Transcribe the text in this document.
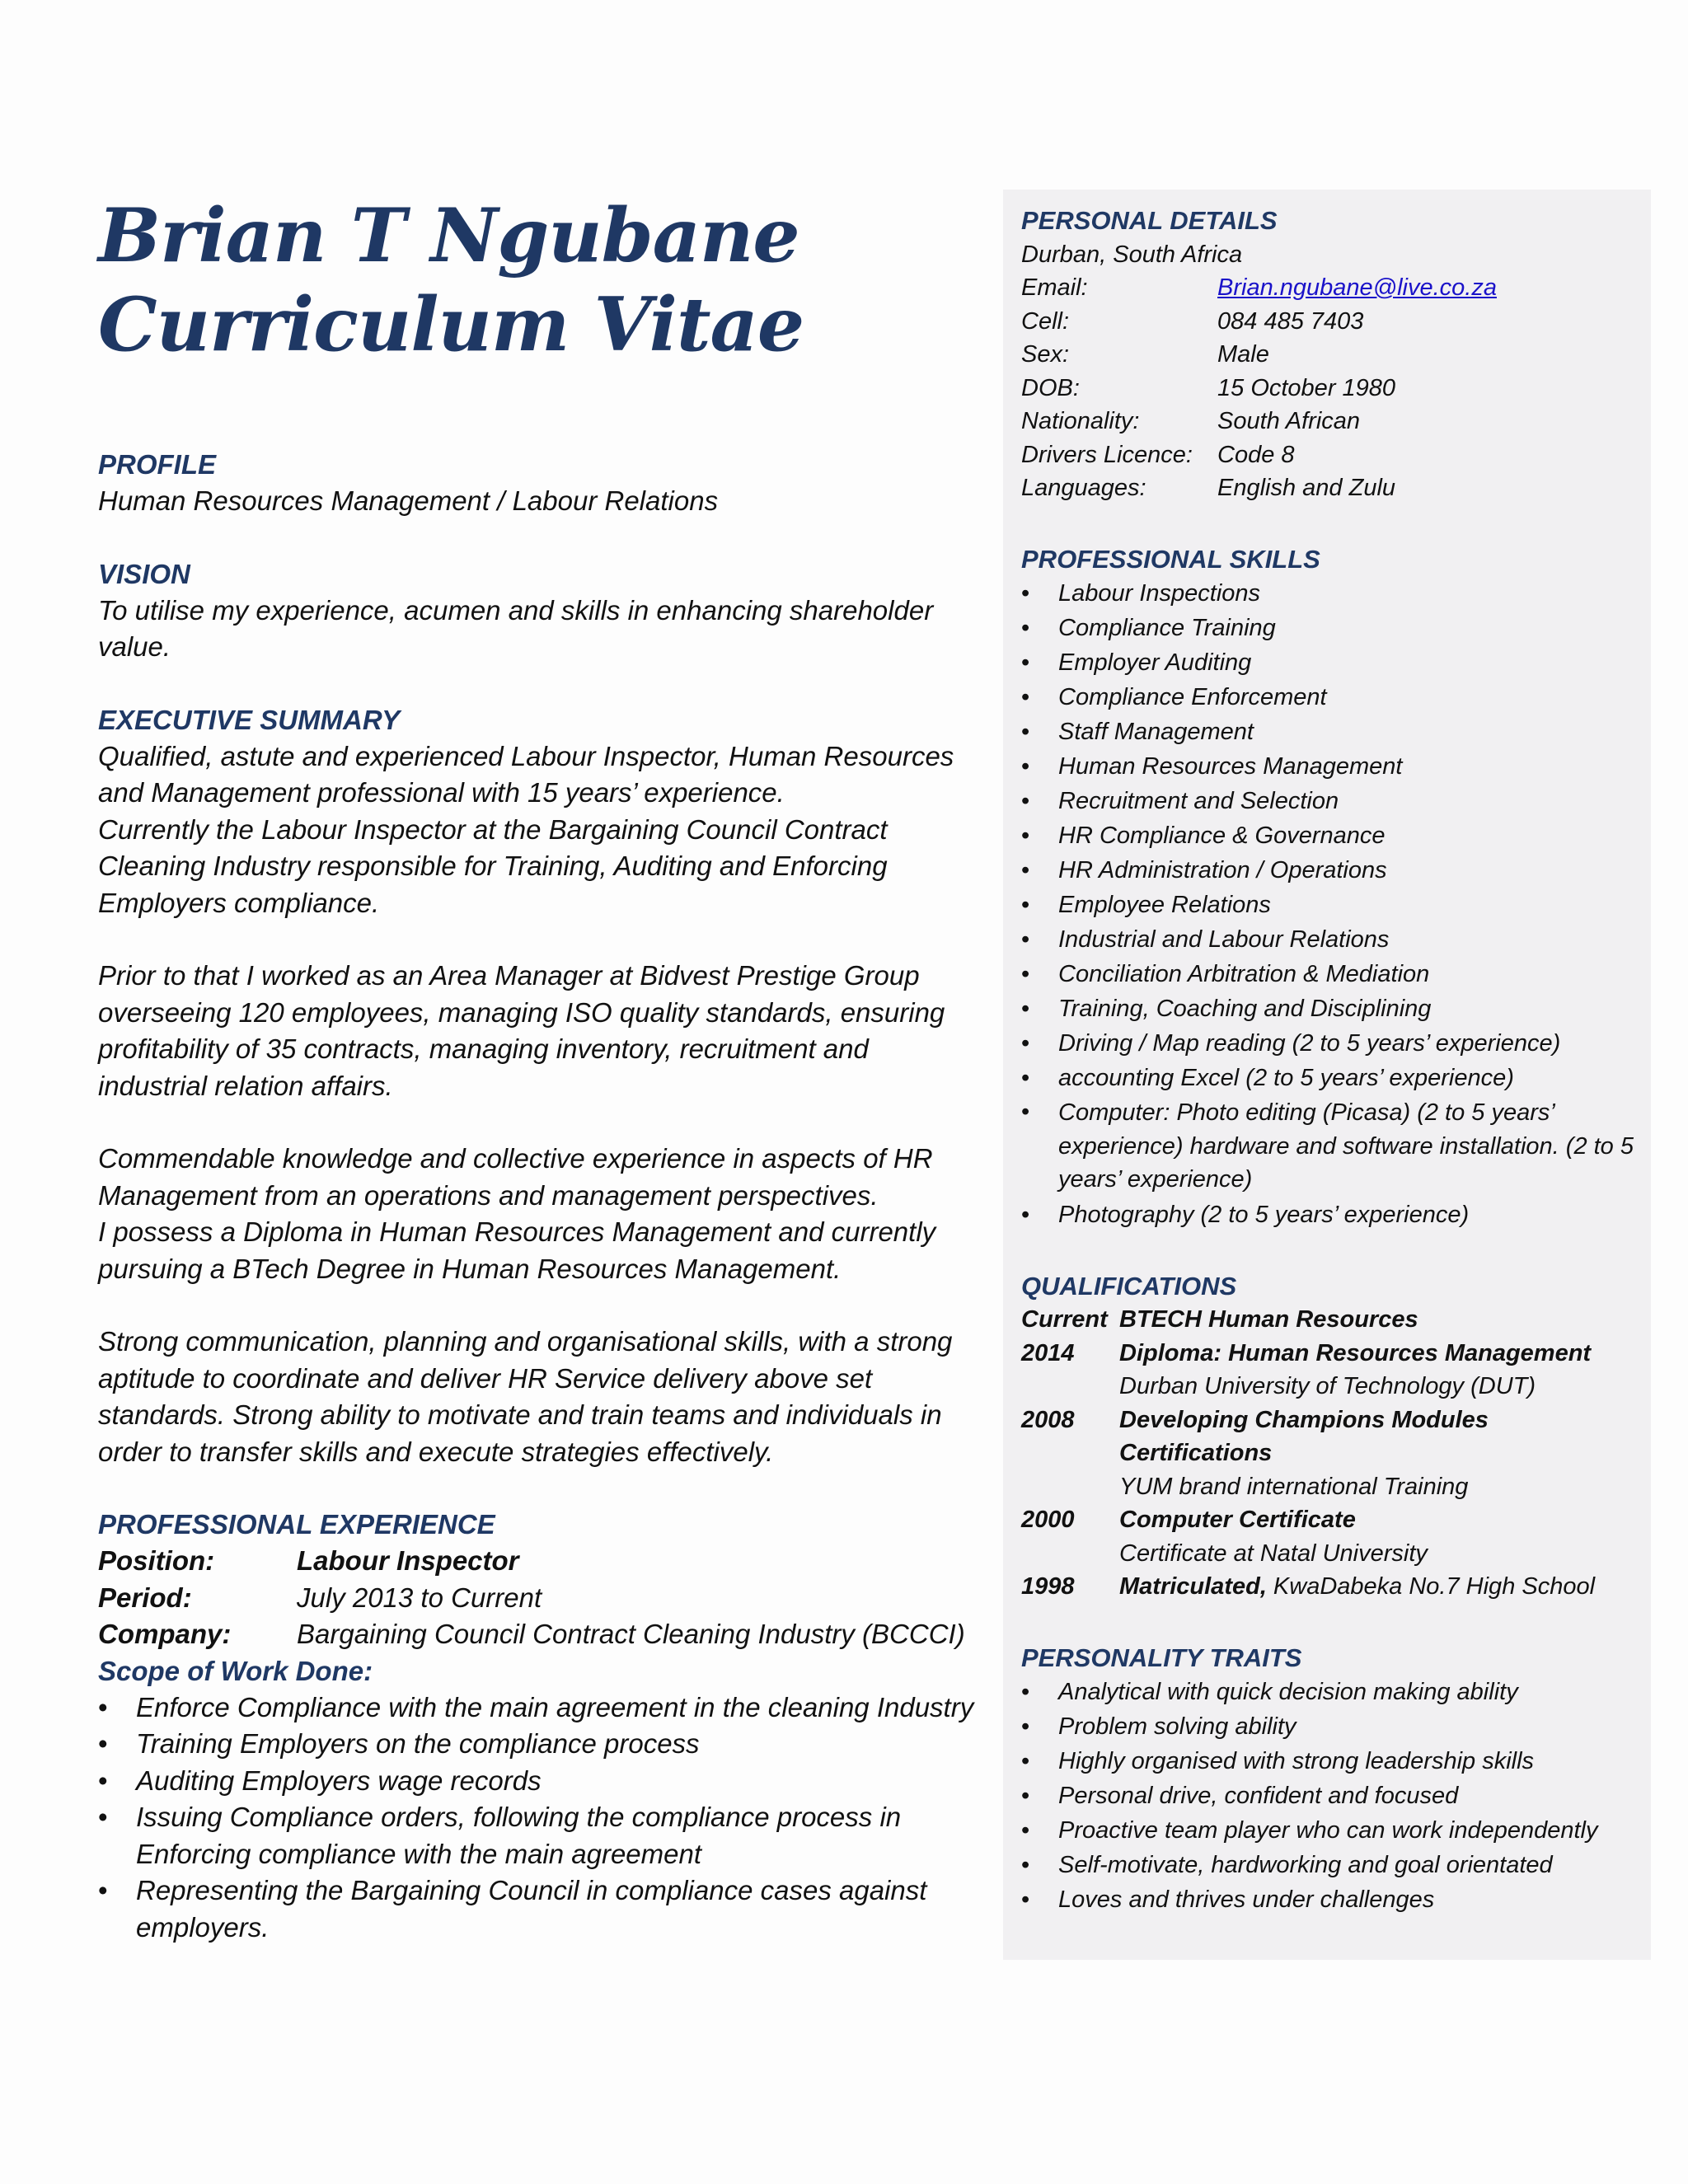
Brian T Ngubane
Curriculum Vitae
PROFILE
Human Resources Management / Labour Relations
VISION
To utilise my experience, acumen and skills in enhancing shareholder
value.
EXECUTIVE SUMMARY
Qualified, astute and experienced Labour Inspector, Human Resources
and Management professional with 15 years’ experience.
Currently the Labour Inspector at the Bargaining Council Contract
Cleaning Industry responsible for Training, Auditing and Enforcing
Employers compliance.
Prior to that I worked as an Area Manager at Bidvest Prestige Group
overseeing 120 employees, managing ISO quality standards, ensuring
profitability of 35 contracts, managing inventory, recruitment and
industrial relation affairs.
Commendable knowledge and collective experience in aspects of HR
Management from an operations and management perspectives.
I possess a Diploma in Human Resources Management and currently
pursuing a BTech Degree in Human Resources Management.
Strong communication, planning and organisational skills, with a strong
aptitude to coordinate and deliver HR Service delivery above set
standards. Strong ability to motivate and train teams and individuals in
order to transfer skills and execute strategies effectively.
PROFESSIONAL EXPERIENCE
Position:	Labour Inspector
Period:	July 2013 to Current
Company:	Bargaining Council Contract Cleaning Industry (BCCCI)
Scope of Work Done:
• Enforce Compliance with the main agreement in the cleaning Industry
• Training Employers on the compliance process
• Auditing Employers wage records
• Issuing Compliance orders, following the compliance process in Enforcing compliance with the main agreement
• Representing the Bargaining Council in compliance cases against employers.
PERSONAL DETAILS
Durban, South Africa
Email:	Brian.ngubane@live.co.za
Cell:	084 485 7403
Sex:	Male
DOB:	15 October 1980
Nationality:	South African
Drivers Licence:	Code 8
Languages:	English and Zulu
PROFESSIONAL SKILLS
• Labour Inspections
• Compliance Training
• Employer Auditing
• Compliance Enforcement
• Staff Management
• Human Resources Management
• Recruitment and Selection
• HR Compliance & Governance
• HR Administration / Operations
• Employee Relations
• Industrial and Labour Relations
• Conciliation Arbitration & Mediation
• Training, Coaching and Disciplining
• Driving / Map reading (2 to 5 years’ experience)
• accounting Excel (2 to 5 years’ experience)
• Computer: Photo editing (Picasa) (2 to 5 years’ experience) hardware and software installation. (2 to 5 years’ experience)
• Photography (2 to 5 years’ experience)
QUALIFICATIONS
Current BTECH Human Resources
2014	Diploma: Human Resources Management
Durban University of Technology (DUT)
2008	Developing Champions Modules
Certifications
YUM brand international Training
2000	Computer Certificate
Certificate at Natal University
1998	Matriculated, KwaDabeka No.7 High School
PERSONALITY TRAITS
• Analytical with quick decision making ability
• Problem solving ability
• Highly organised with strong leadership skills
• Personal drive, confident and focused
• Proactive team player who can work independently
• Self-motivate, hardworking and goal orientated
• Loves and thrives under challenges
